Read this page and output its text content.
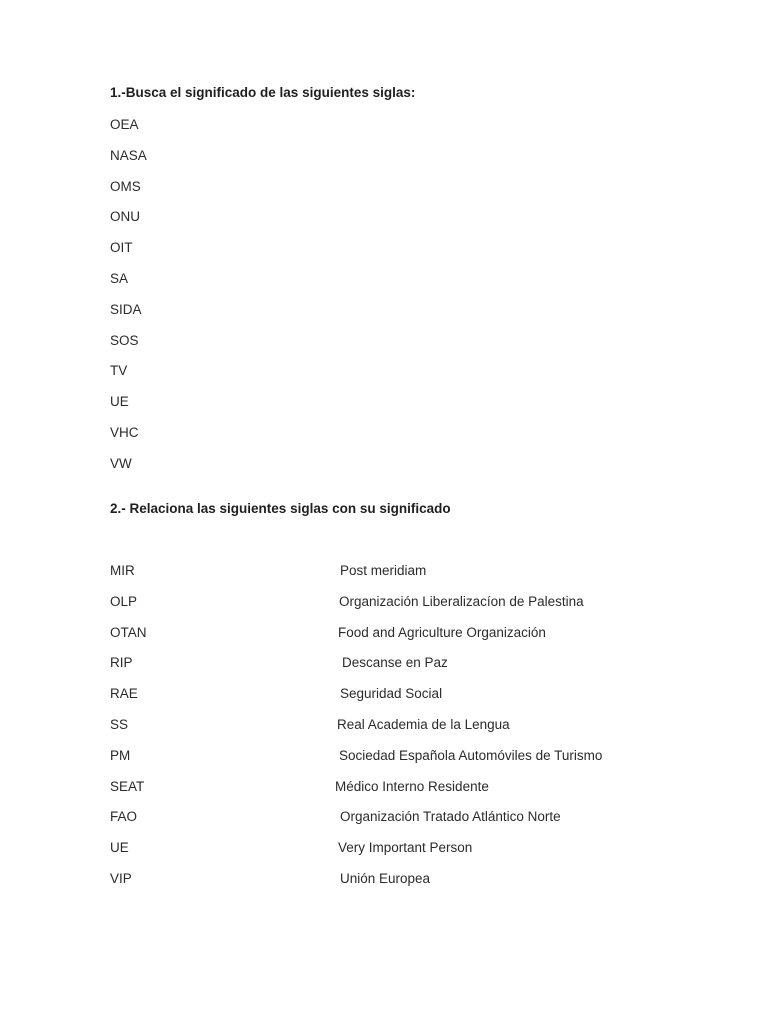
1.-Busca el significado de las siguientes siglas:
OEA
NASA
OMS
ONU
OIT
SA
SIDA
SOS
TV
UE
VHC
VW
2.- Relaciona las siguientes siglas con su significado
MIR	Post meridiam
OLP	Organización Liberalizacíon de Palestina
OTAN	Food and Agriculture Organización
RIP	Descanse en Paz
RAE	Seguridad Social
SS	Real Academia de la Lengua
PM	Sociedad Española Automóviles de Turismo
SEAT	Médico Interno Residente
FAO	Organización Tratado Atlántico Norte
UE	Very Important Person
VIP	Unión Europea
